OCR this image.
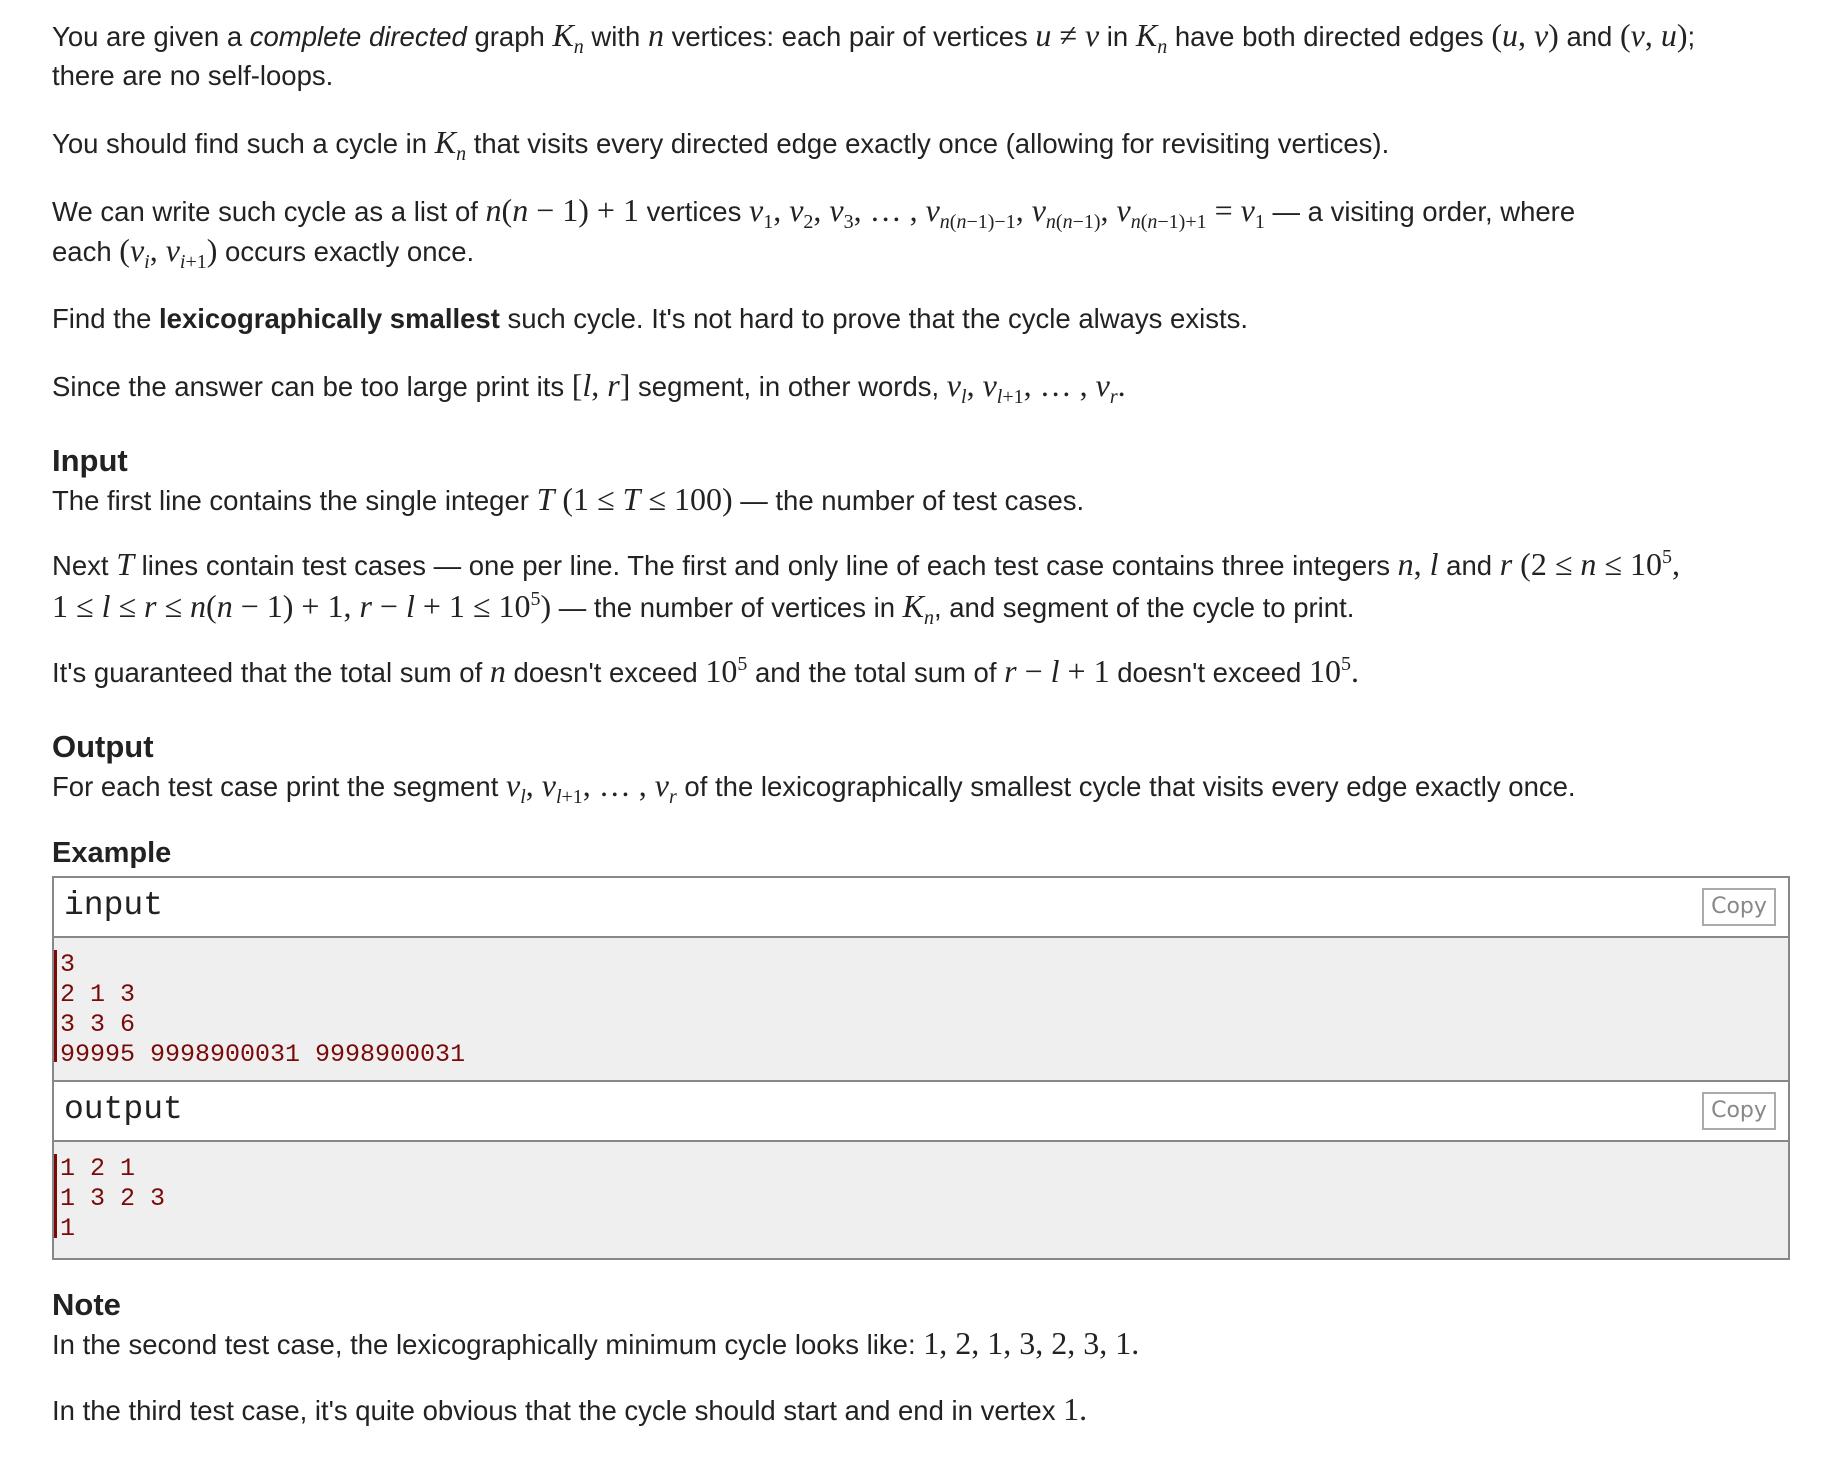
You are given a complete directed graph $K_n$ with n vertices: each pair of vertices u ≠ v in $K_n$ have both directed edges (u, v) and (v, u);
there are no self-loops.

You should find such a cycle in $K_n$ that visits every directed edge exactly once (allowing for revisiting vertices).

We can write such cycle as a list of n(n − 1) + 1 vertices $v_1$, $v_2$, $v_3$, … , $v_{n(n-1)-1}$, $v_{n(n-1)}$, $v_{n(n-1)+1} = v_1$ — a visiting order, where
each ($v_i$, $v_{i+1}$) occurs exactly once.

Find the lexicographically smallest such cycle. It's not hard to prove that the cycle always exists.

Since the answer can be too large print its [l, r] segment, in other words, $v_l$, $v_{l+1}$, … , $v_r$.

Input

The first line contains the single integer T (1 ≤ T ≤ 100) — the number of test cases.

Next T lines contain test cases — one per line. The first and only line of each test case contains three integers n, l and r ($2 \le n \le 10^5$,
1 ≤ l ≤ r ≤ n(n − 1) + 1, $r - l + 1 \le 10^5$) — the number of vertices in $K_n$, and segment of the cycle to print.

It's guaranteed that the total sum of n doesn't exceed $10^5$ and the total sum of r − l + 1 doesn't exceed $10^5$.

Output

For each test case print the segment $v_l$, $v_{l+1}$, … , $v_r$ of the lexicographically smallest cycle that visits every edge exactly once.

Example
input	Copy
3
2 1 3
3 3 6
99995 9998900031 9998900031
output	Copy
1 2 1
1 3 2 3
1
Note

In the second test case, the lexicographically minimum cycle looks like: 1, 2, 1, 3, 2, 3, 1.

In the third test case, it's quite obvious that the cycle should start and end in vertex 1.
